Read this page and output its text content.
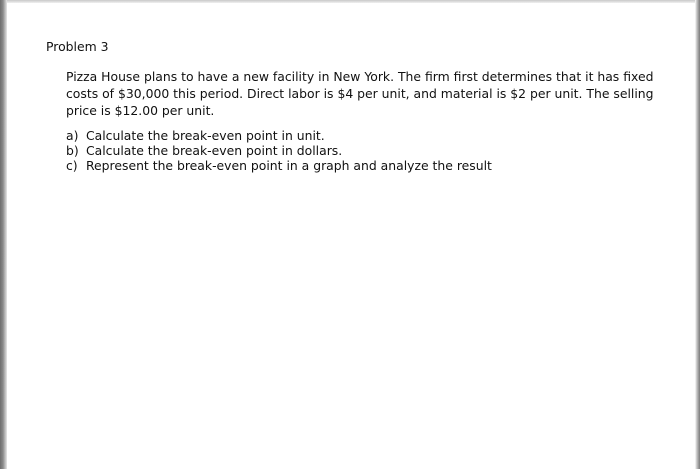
Problem 3
Pizza House plans to have a new facility in New York. The firm first determines that it has fixed
costs of $30,000 this period. Direct labor is $4 per unit, and material is $2 per unit. The selling
price is $12.00 per unit.
a) Calculate the break-even point in unit.
b) Calculate the break-even point in dollars.
c) Represent the break-even point in a graph and analyze the result
